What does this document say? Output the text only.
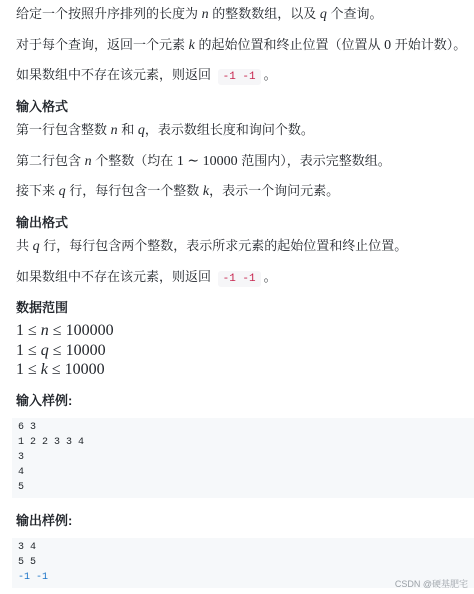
给定一个按照升序排列的长度为 n 的整数数组，以及 q 个查询。
对于每个查询，返回一个元素 k 的起始位置和终止位置（位置从 0 开始计数）。
如果数组中不存在该元素，则返回 -1 -1 。
输入格式
第一行包含整数 n 和 q，表示数组长度和询问个数。
第二行包含 n 个整数（均在 1 ∼ 10000 范围内），表示完整数组。
接下来 q 行，每行包含一个整数 k，表示一个询问元素。
输出格式
共 q 行，每行包含两个整数，表示所求元素的起始位置和终止位置。
如果数组中不存在该元素，则返回 -1 -1 。
数据范围
1 ≤ n ≤ 100000
1 ≤ q ≤ 10000
1 ≤ k ≤ 10000
输入样例:
6 3
1 2 2 3 3 4
3
4
5
输出样例:
3 4
5 5
-1 -1
CSDN @硬基肥宅
